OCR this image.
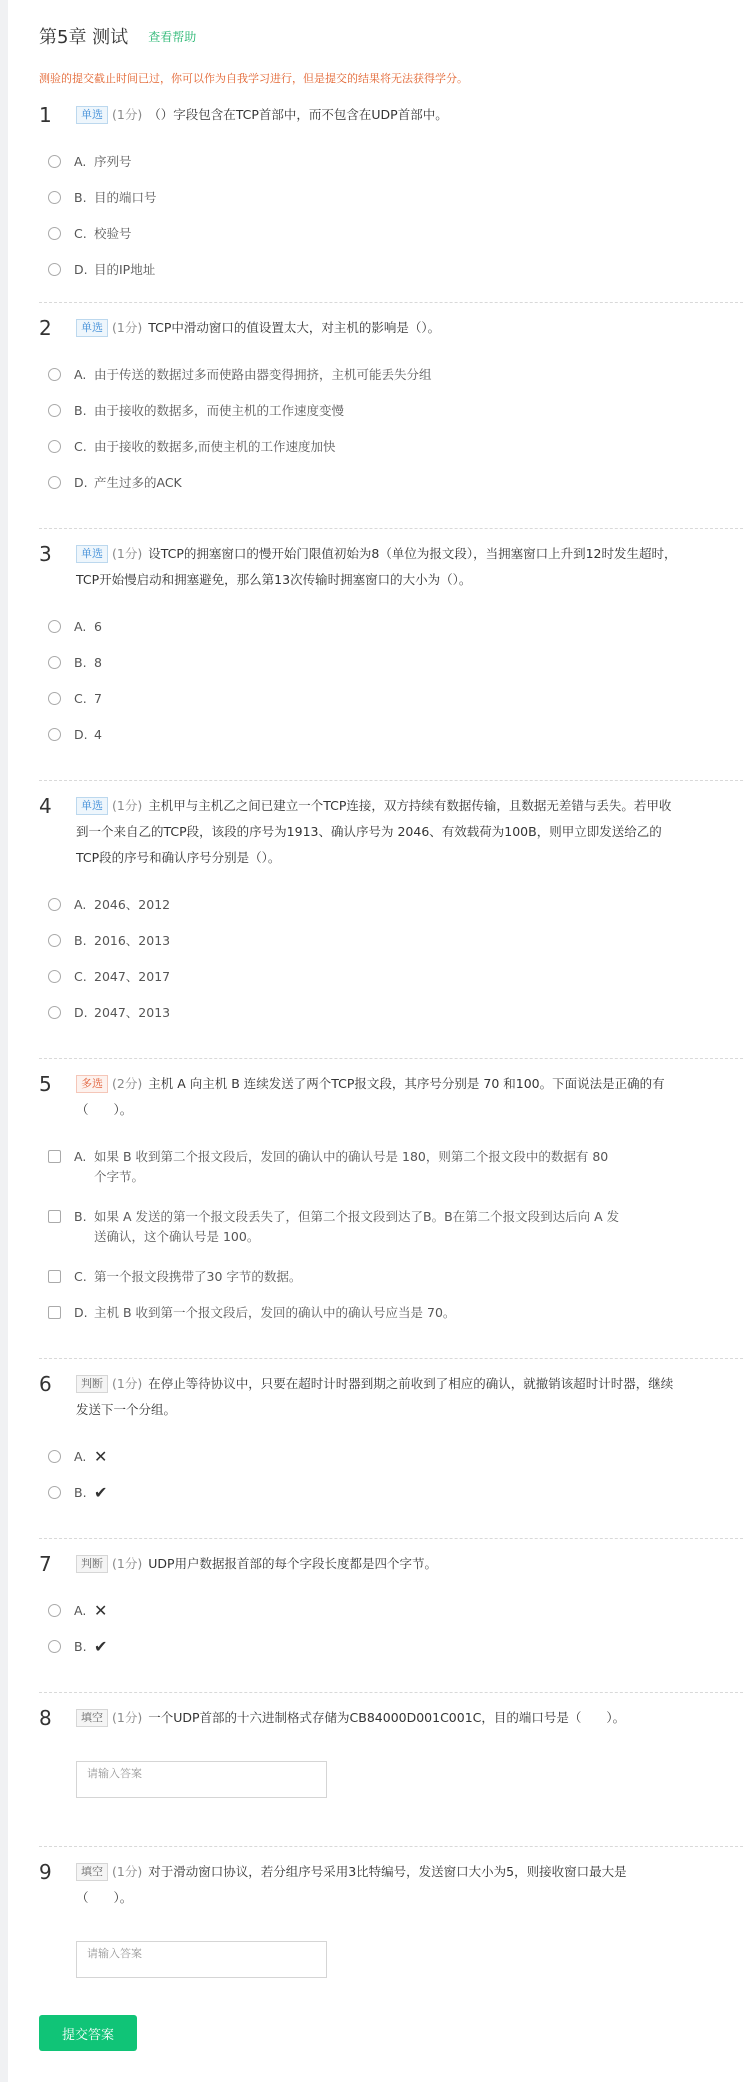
第5章 测试 查看帮助
测验的提交截止时间已过，你可以作为自我学习进行，但是提交的结果将无法获得学分。
1	单选 (1分) （）字段包含在TCP首部中，而不包含在UDP首部中。
A. 序列号
B. 目的端口号
C. 校验号
D. 目的IP地址
2	单选 (1分) TCP中滑动窗口的值设置太大，对主机的影响是（）。
A. 由于传送的数据过多而使路由器变得拥挤，主机可能丢失分组
B. 由于接收的数据多，而使主机的工作速度变慢
C. 由于接收的数据多,而使主机的工作速度加快
D. 产生过多的ACK
3	单选 (1分) 设TCP的拥塞窗口的慢开始门限值初始为8（单位为报文段），当拥塞窗口上升到12时发生超时，TCP开始慢启动和拥塞避免，那么第13次传输时拥塞窗口的大小为（）。
A. 6
B. 8
C. 7
D. 4
4	单选 (1分) 主机甲与主机乙之间已建立一个TCP连接，双方持续有数据传输，且数据无差错与丢失。若甲收到一个来自乙的TCP段，该段的序号为1913、确认序号为 2046、有效载荷为100B，则甲立即发送给乙的TCP段的序号和确认序号分别是（）。
A. 2046、2012
B. 2016、2013
C. 2047、2017
D. 2047、2013
5	多选 (2分) 主机 A 向主机 B 连续发送了两个TCP报文段，其序号分别是 70 和100。下面说法是正确的有（　　）。
A. 如果 B 收到第二个报文段后，发回的确认中的确认号是 180，则第二个报文段中的数据有 80 个字节。
B. 如果 A 发送的第一个报文段丢失了，但第二个报文段到达了B。B在第二个报文段到达后向 A 发送确认，这个确认号是 100。
C. 第一个报文段携带了30 字节的数据。
D. 主机 B 收到第一个报文段后，发回的确认中的确认号应当是 70。
6	判断 (1分) 在停止等待协议中，只要在超时计时器到期之前收到了相应的确认，就撤销该超时计时器，继续发送下一个分组。
A. ✕
B. ✔
7	判断 (1分) UDP用户数据报首部的每个字段长度都是四个字节。
A. ✕
B. ✔
8	填空 (1分) 一个UDP首部的十六进制格式存储为CB84000D001C001C，目的端口号是（　　）。
请输入答案
9	填空 (1分) 对于滑动窗口协议，若分组序号采用3比特编号，发送窗口大小为5，则接收窗口最大是（　　）。
请输入答案
提交答案
